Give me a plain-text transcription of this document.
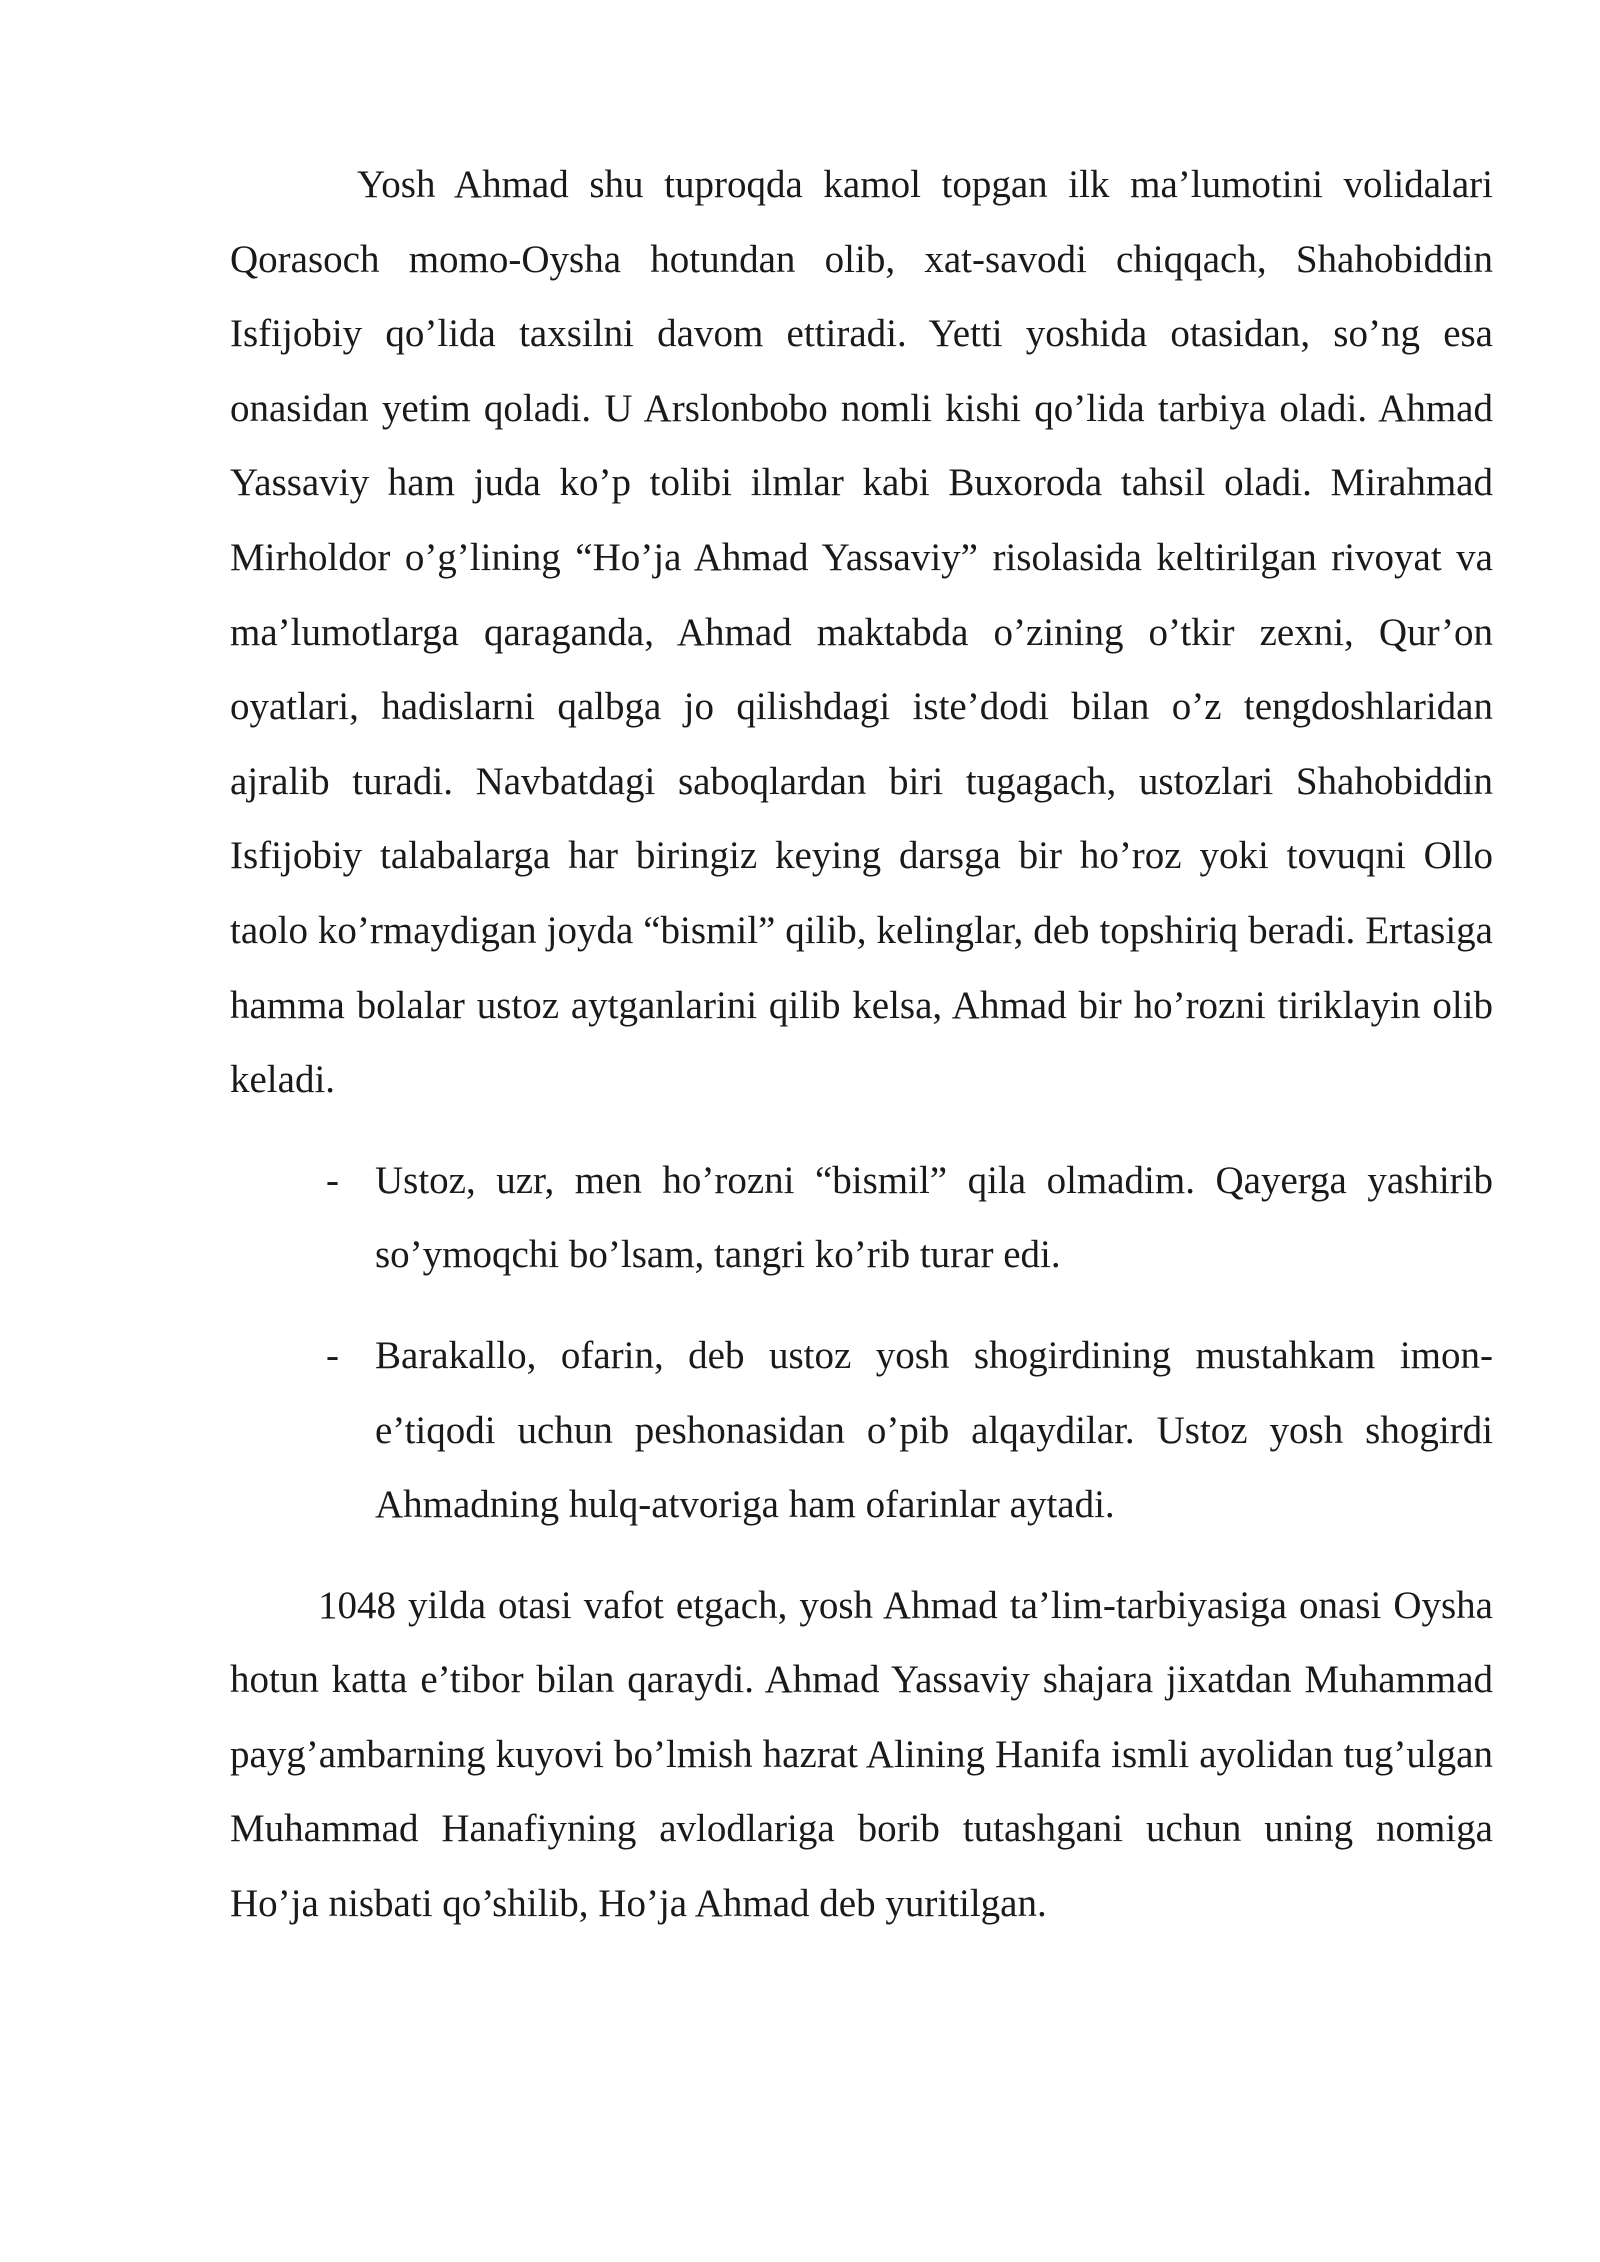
Yosh Ahmad shu tuproqda kamol topgan ilk ma’lumotini volidalari Qorasoch momo-Oysha hotundan olib, xat-savodi chiqqach, Shahobiddin Isfijobiy qo’lida taxsilni davom ettiradi. Yetti yoshida otasidan, so’ng esa onasidan yetim qoladi. U Arslonbobo nomli kishi qo’lida tarbiya oladi. Ahmad Yassaviy ham juda ko’p tolibi ilmlar kabi Buxoroda tahsil oladi. Mirahmad Mirholdor o’g’lining “Ho’ja Ahmad Yassaviy” risolasida keltirilgan rivoyat va ma’lumotlarga qaraganda, Ahmad maktabda o’zining o’tkir zexni, Qur’on oyatlari, hadislarni qalbga jo qilishdagi iste’dodi bilan o’z tengdoshlaridan ajralib turadi. Navbatdagi saboqlardan biri tugagach, ustozlari Shahobiddin Isfijobiy talabalarga har biringiz keying darsga bir ho’roz yoki tovuqni Ollo taolo ko’rmaydigan joyda “bismil” qilib, kelinglar, deb topshiriq beradi. Ertasiga hamma bolalar ustoz aytganlarini qilib kelsa, Ahmad bir ho’rozni tiriklayin olib keladi.

- Ustoz, uzr, men ho’rozni “bismil” qila olmadim. Qayerga yashirib so’ymoqchi bo’lsam, tangri ko’rib turar edi.
- Barakallo, ofarin, deb ustoz yosh shogirdining mustahkam imon-e’tiqodi uchun peshonasidan o’pib alqaydilar. Ustoz yosh shogirdi Ahmadning hulq-atvoriga ham ofarinlar aytadi.

1048 yilda otasi vafot etgach, yosh Ahmad ta’lim-tarbiyasiga onasi Oysha hotun katta e’tibor bilan qaraydi. Ahmad Yassaviy shajara jixatdan Muhammad payg’ambarning kuyovi bo’lmish hazrat Alining Hanifa ismli ayolidan tug’ulgan Muhammad Hanafiyning avlodlariga borib tutashgani uchun uning nomiga Ho’ja nisbati qo’shilib, Ho’ja Ahmad deb yuritilgan.
